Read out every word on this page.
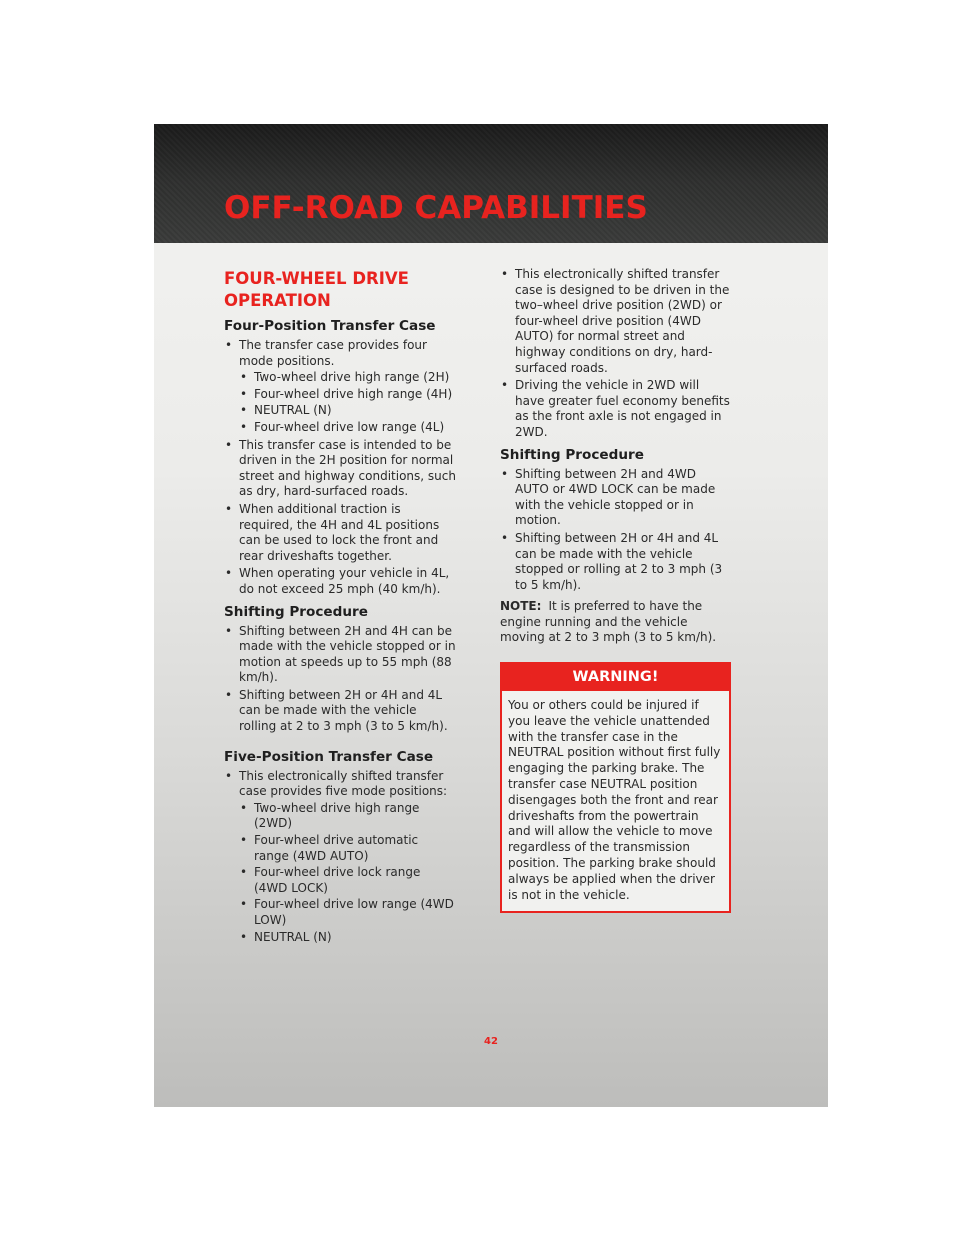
OFF-ROAD CAPABILITIES
FOUR-WHEEL DRIVE
OPERATION
Four-Position Transfer Case
• The transfer case provides four mode positions.
• Two-wheel drive high range (2H)
• Four-wheel drive high range (4H)
• NEUTRAL (N)
• Four-wheel drive low range (4L)
• This transfer case is intended to be driven in the 2H position for normal street and highway conditions, such as dry, hard-surfaced roads.
• When additional traction is required, the 4H and 4L positions can be used to lock the front and rear driveshafts together.
• When operating your vehicle in 4L, do not exceed 25 mph (40 km/h).
Shifting Procedure
• Shifting between 2H and 4H can be made with the vehicle stopped or in motion at speeds up to 55 mph (88 km/h).
• Shifting between 2H or 4H and 4L can be made with the vehicle rolling at 2 to 3 mph (3 to 5 km/h).
Five-Position Transfer Case
• This electronically shifted transfer case provides five mode positions:
• Two-wheel drive high range (2WD)
• Four-wheel drive automatic range (4WD AUTO)
• Four-wheel drive lock range (4WD LOCK)
• Four-wheel drive low range (4WD LOW)
• NEUTRAL (N)
• This electronically shifted transfer case is designed to be driven in the two–wheel drive position (2WD) or four-wheel drive position (4WD AUTO) for normal street and highway conditions on dry, hard-surfaced roads.
• Driving the vehicle in 2WD will have greater fuel economy benefits as the front axle is not engaged in 2WD.
Shifting Procedure
• Shifting between 2H and 4WD AUTO or 4WD LOCK can be made with the vehicle stopped or in motion.
• Shifting between 2H or 4H and 4L can be made with the vehicle stopped or rolling at 2 to 3 mph (3 to 5 km/h).

NOTE: It is preferred to have the engine running and the vehicle moving at 2 to 3 mph (3 to 5 km/h).

WARNING!
You or others could be injured if you leave the vehicle unattended with the transfer case in the NEUTRAL position without first fully engaging the parking brake. The transfer case NEUTRAL position disengages both the front and rear driveshafts from the powertrain and will allow the vehicle to move regardless of the transmission position. The parking brake should always be applied when the driver is not in the vehicle.
42
